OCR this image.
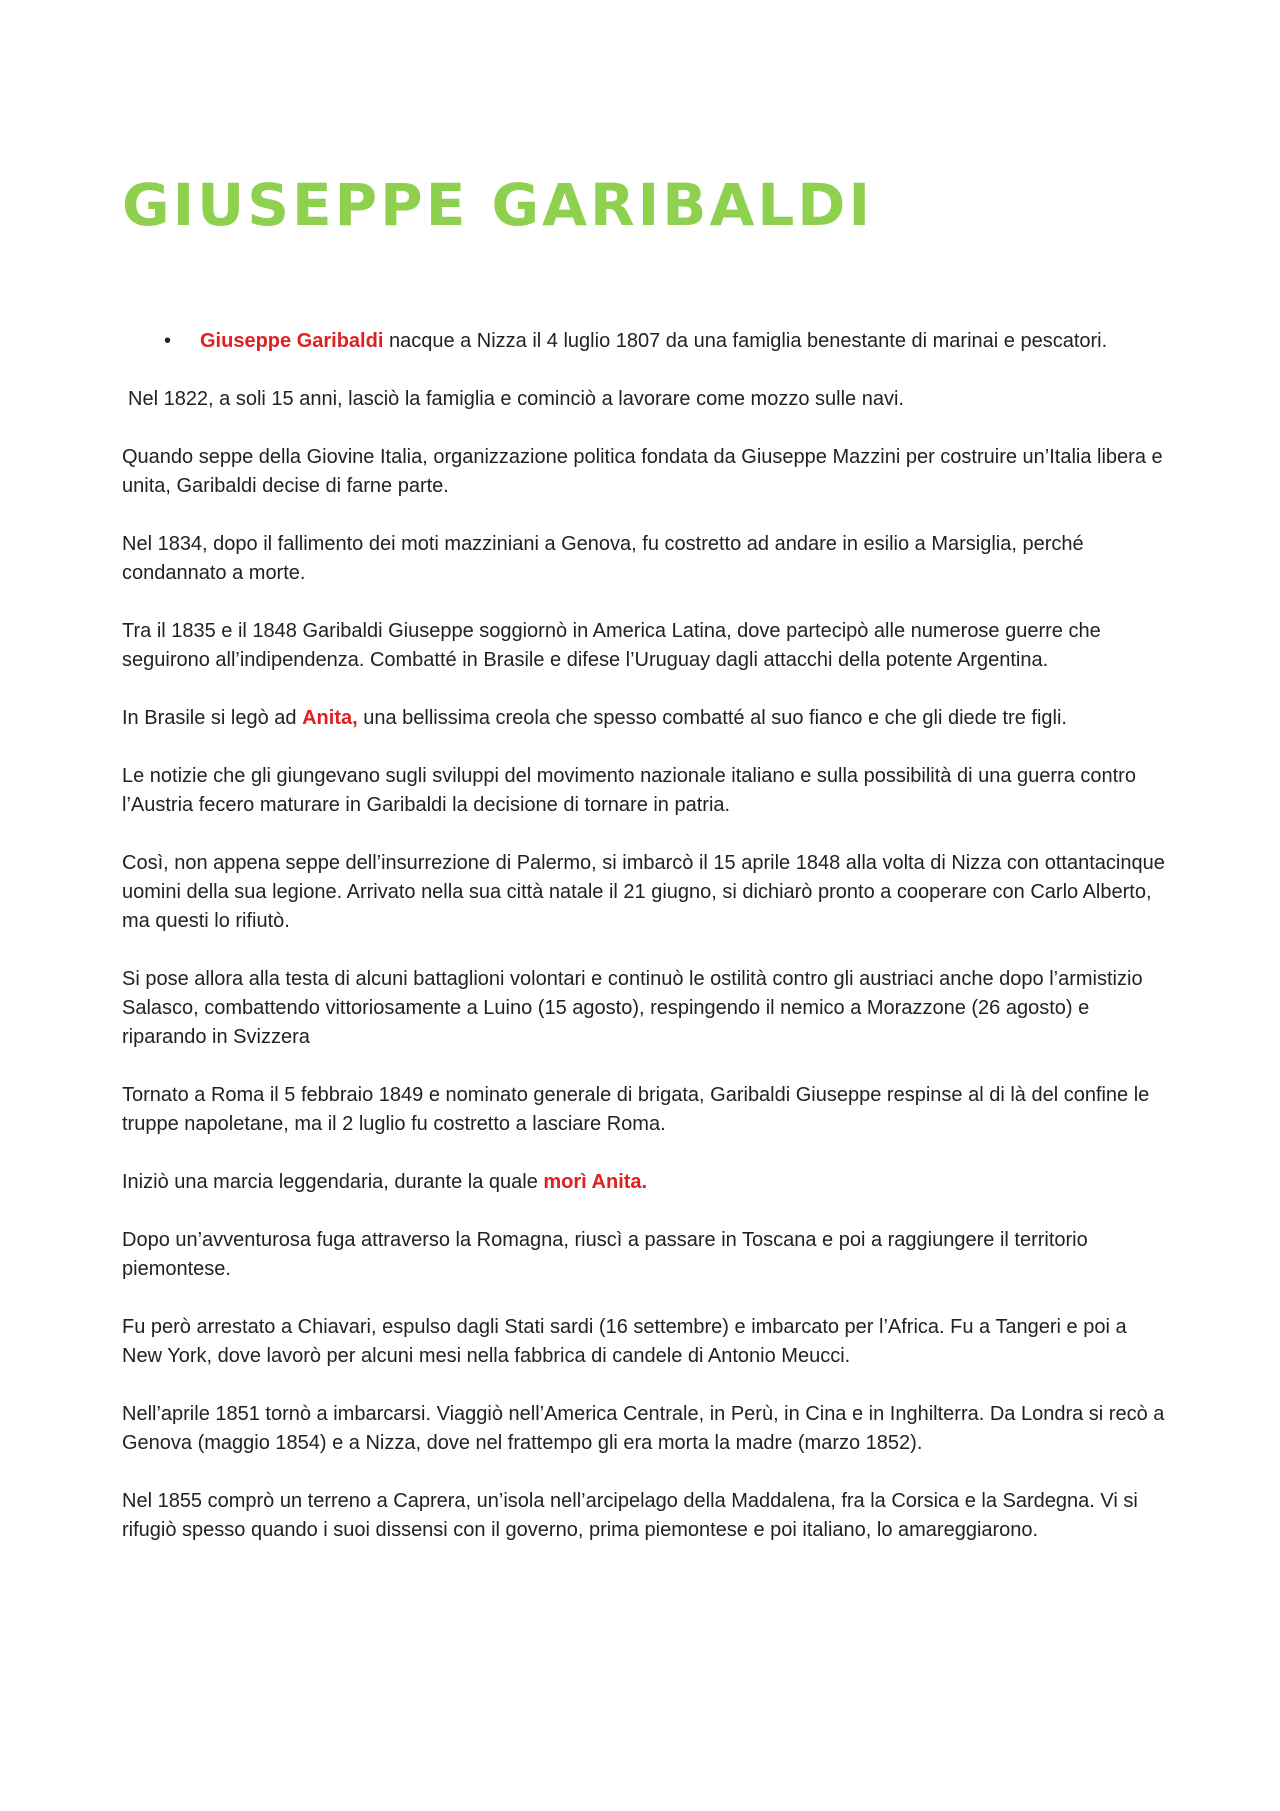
GIUSEPPE GARIBALDI
• Giuseppe Garibaldi nacque a Nizza il 4 luglio 1807 da una famiglia benestante di marinai e pescatori.

Nel 1822, a soli 15 anni, lasciò la famiglia e cominciò a lavorare come mozzo sulle navi.

Quando seppe della Giovine Italia, organizzazione politica fondata da Giuseppe Mazzini per costruire un’Italia libera e unita, Garibaldi decise di farne parte.

Nel 1834, dopo il fallimento dei moti mazziniani a Genova, fu costretto ad andare in esilio a Marsiglia, perché condannato a morte.

Tra il 1835 e il 1848 Garibaldi Giuseppe soggiornò in America Latina, dove partecipò alle numerose guerre che seguirono all’indipendenza. Combatté in Brasile e difese l’Uruguay dagli attacchi della potente Argentina.

In Brasile si legò ad Anita, una bellissima creola che spesso combatté al suo fianco e che gli diede tre figli.

Le notizie che gli giungevano sugli sviluppi del movimento nazionale italiano e sulla possibilità di una guerra contro l’Austria fecero maturare in Garibaldi la decisione di tornare in patria.

Così, non appena seppe dell’insurrezione di Palermo, si imbarcò il 15 aprile 1848 alla volta di Nizza con ottantacinque uomini della sua legione. Arrivato nella sua città natale il 21 giugno, si dichiarò pronto a cooperare con Carlo Alberto, ma questi lo rifiutò.

Si pose allora alla testa di alcuni battaglioni volontari e continuò le ostilità contro gli austriaci anche dopo l’armistizio Salasco, combattendo vittoriosamente a Luino (15 agosto), respingendo il nemico a Morazzone (26 agosto) e riparando in Svizzera

Tornato a Roma il 5 febbraio 1849 e nominato generale di brigata, Garibaldi Giuseppe respinse al di là del confine le truppe napoletane, ma il 2 luglio fu costretto a lasciare Roma.

Iniziò una marcia leggendaria, durante la quale morì Anita.

Dopo un’avventurosa fuga attraverso la Romagna, riuscì a passare in Toscana e poi a raggiungere il territorio piemontese.

Fu però arrestato a Chiavari, espulso dagli Stati sardi (16 settembre) e imbarcato per l’Africa. Fu a Tangeri e poi a New York, dove lavorò per alcuni mesi nella fabbrica di candele di Antonio Meucci.

Nell’aprile 1851 tornò a imbarcarsi. Viaggiò nell’America Centrale, in Perù, in Cina e in Inghilterra. Da Londra si recò a Genova (maggio 1854) e a Nizza, dove nel frattempo gli era morta la madre (marzo 1852).

Nel 1855 comprò un terreno a Caprera, un’isola nell’arcipelago della Maddalena, fra la Corsica e la Sardegna. Vi si rifugiò spesso quando i suoi dissensi con il governo, prima piemontese e poi italiano, lo amareggiarono.
